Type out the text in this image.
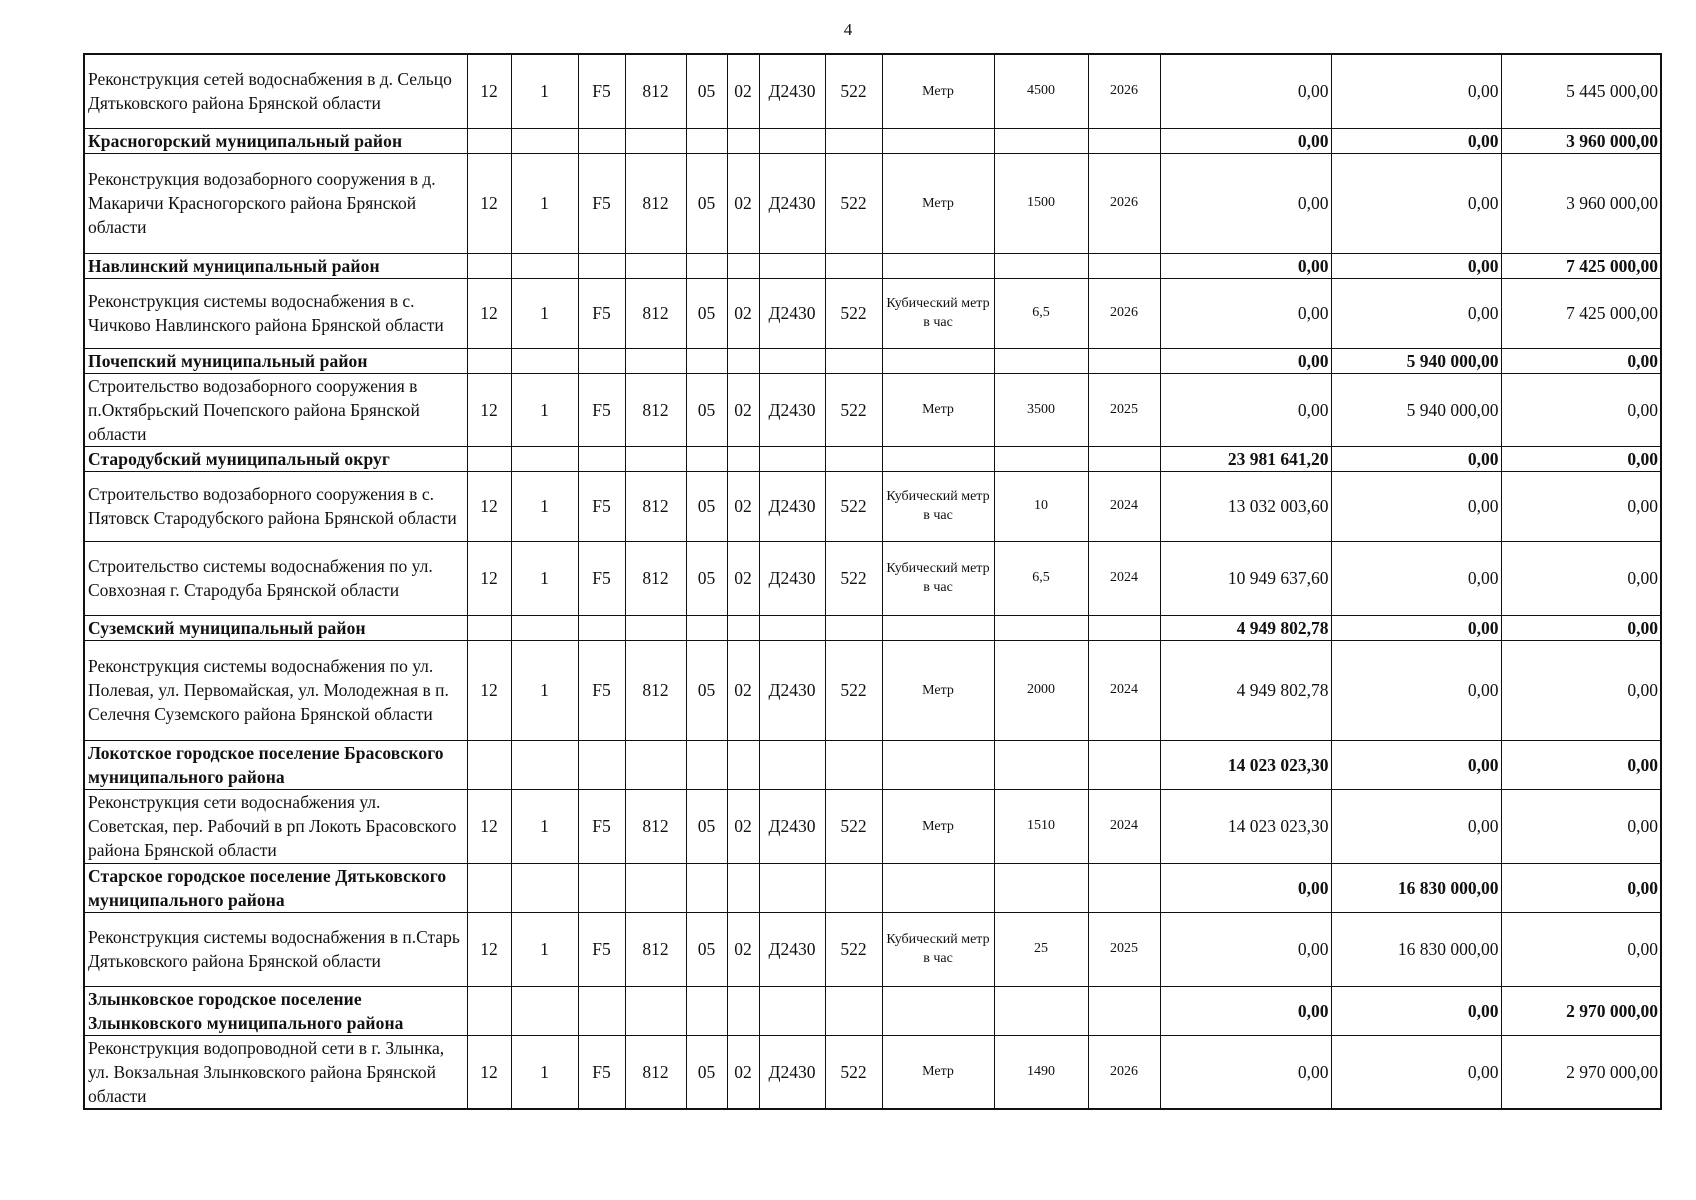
4
Реконструкция сетей водоснабжения в д. Сельцо Дятьковского района Брянской области	12	1	F5	812	05	02	Д2430	522	Метр	4500	2026	0,00	0,00	5 445 000,00
Красногорский муниципальный район												0,00	0,00	3 960 000,00
Реконструкция водозаборного сооружения в д. Макаричи Красногорского района Брянской области	12	1	F5	812	05	02	Д2430	522	Метр	1500	2026	0,00	0,00	3 960 000,00
Навлинский муниципальный район												0,00	0,00	7 425 000,00
Реконструкция системы водоснабжения в с. Чичково Навлинского района Брянской области	12	1	F5	812	05	02	Д2430	522	Кубический метр в час	6,5	2026	0,00	0,00	7 425 000,00
Почепский муниципальный район												0,00	5 940 000,00	0,00
Строительство водозаборного сооружения в п.Октябрьский Почепского района Брянской области	12	1	F5	812	05	02	Д2430	522	Метр	3500	2025	0,00	5 940 000,00	0,00
Стародубский муниципальный округ												23 981 641,20	0,00	0,00
Строительство водозаборного сооружения в с. Пятовск Стародубского района Брянской области	12	1	F5	812	05	02	Д2430	522	Кубический метр в час	10	2024	13 032 003,60	0,00	0,00
Строительство системы водоснабжения по ул. Совхозная г. Стародуба Брянской области	12	1	F5	812	05	02	Д2430	522	Кубический метр в час	6,5	2024	10 949 637,60	0,00	0,00
Суземский муниципальный район												4 949 802,78	0,00	0,00
Реконструкция системы водоснабжения по ул. Полевая, ул. Первомайская, ул. Молодежная в п. Селечня Суземского района Брянской области	12	1	F5	812	05	02	Д2430	522	Метр	2000	2024	4 949 802,78	0,00	0,00
Локотское городское поселение Брасовского муниципального района												14 023 023,30	0,00	0,00
Реконструкция сети водоснабжения ул. Советская, пер. Рабочий в рп Локоть Брасовского района Брянской области	12	1	F5	812	05	02	Д2430	522	Метр	1510	2024	14 023 023,30	0,00	0,00
Старское городское поселение Дятьковского муниципального района												0,00	16 830 000,00	0,00
Реконструкция системы водоснабжения в п.Старь Дятьковского района Брянской области	12	1	F5	812	05	02	Д2430	522	Кубический метр в час	25	2025	0,00	16 830 000,00	0,00
Злынковское городское поселение Злынковского муниципального района												0,00	0,00	2 970 000,00
Реконструкция водопроводной сети в г. Злынка, ул. Вокзальная Злынковского района Брянской области	12	1	F5	812	05	02	Д2430	522	Метр	1490	2026	0,00	0,00	2 970 000,00
